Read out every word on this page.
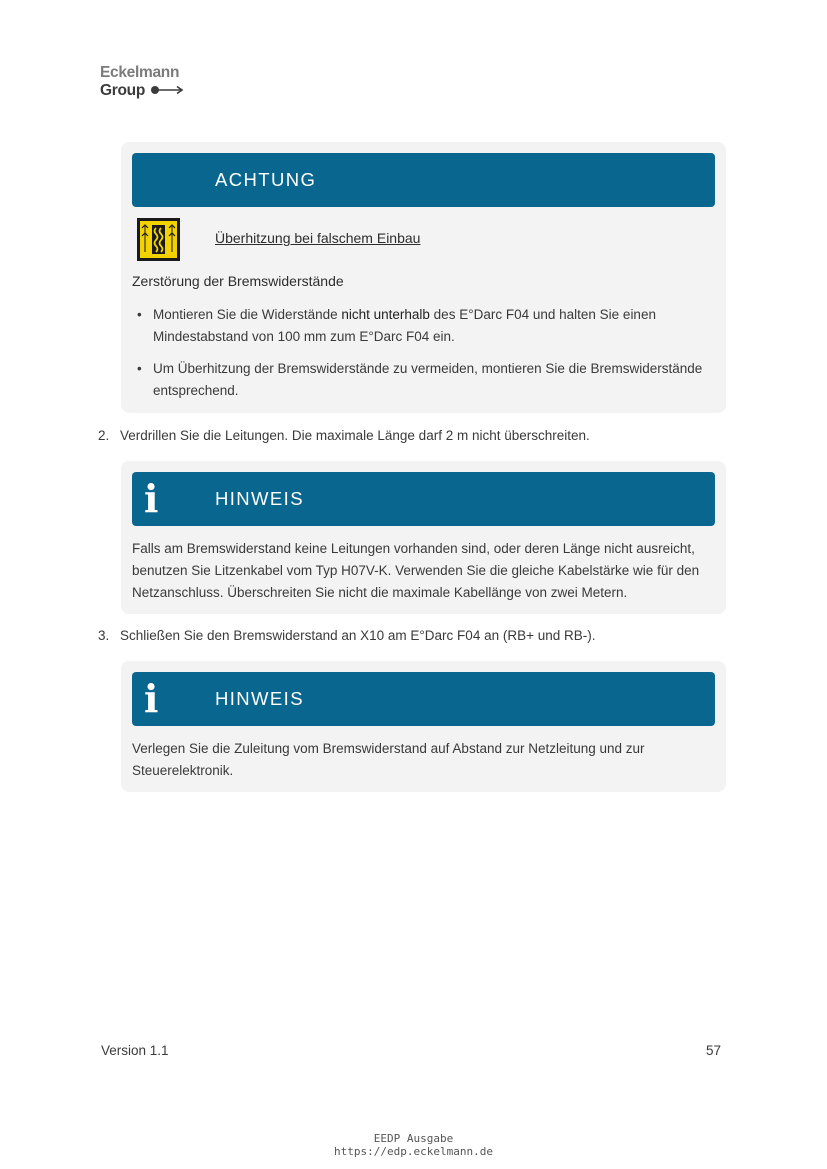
Eckelmann
Group
ACHTUNG
Überhitzung bei falschem Einbau
Zerstörung der Bremswiderstände
• Montieren Sie die Widerstände nicht unterhalb des E°Darc F04 und halten Sie einen Mindestabstand von 100 mm zum E°Darc F04 ein.
• Um Überhitzung der Bremswiderstände zu vermeiden, montieren Sie die Bremswiderstände entsprechend.
2. Verdrillen Sie die Leitungen. Die maximale Länge darf 2 m nicht überschreiten.
i	HINWEIS
Falls am Bremswiderstand keine Leitungen vorhanden sind, oder deren Länge nicht ausreicht, benutzen Sie Litzenkabel vom Typ H07V-K. Verwenden Sie die gleiche Kabelstärke wie für den Netzanschluss. Überschreiten Sie nicht die maximale Kabellänge von zwei Metern.
3. Schließen Sie den Bremswiderstand an X10 am E°Darc F04 an (RB+ und RB-).
i	HINWEIS
Verlegen Sie die Zuleitung vom Bremswiderstand auf Abstand zur Netzleitung und zur Steuerelektronik.
Version 1.1	57
EEDP Ausgabe
https://edp.eckelmann.de
